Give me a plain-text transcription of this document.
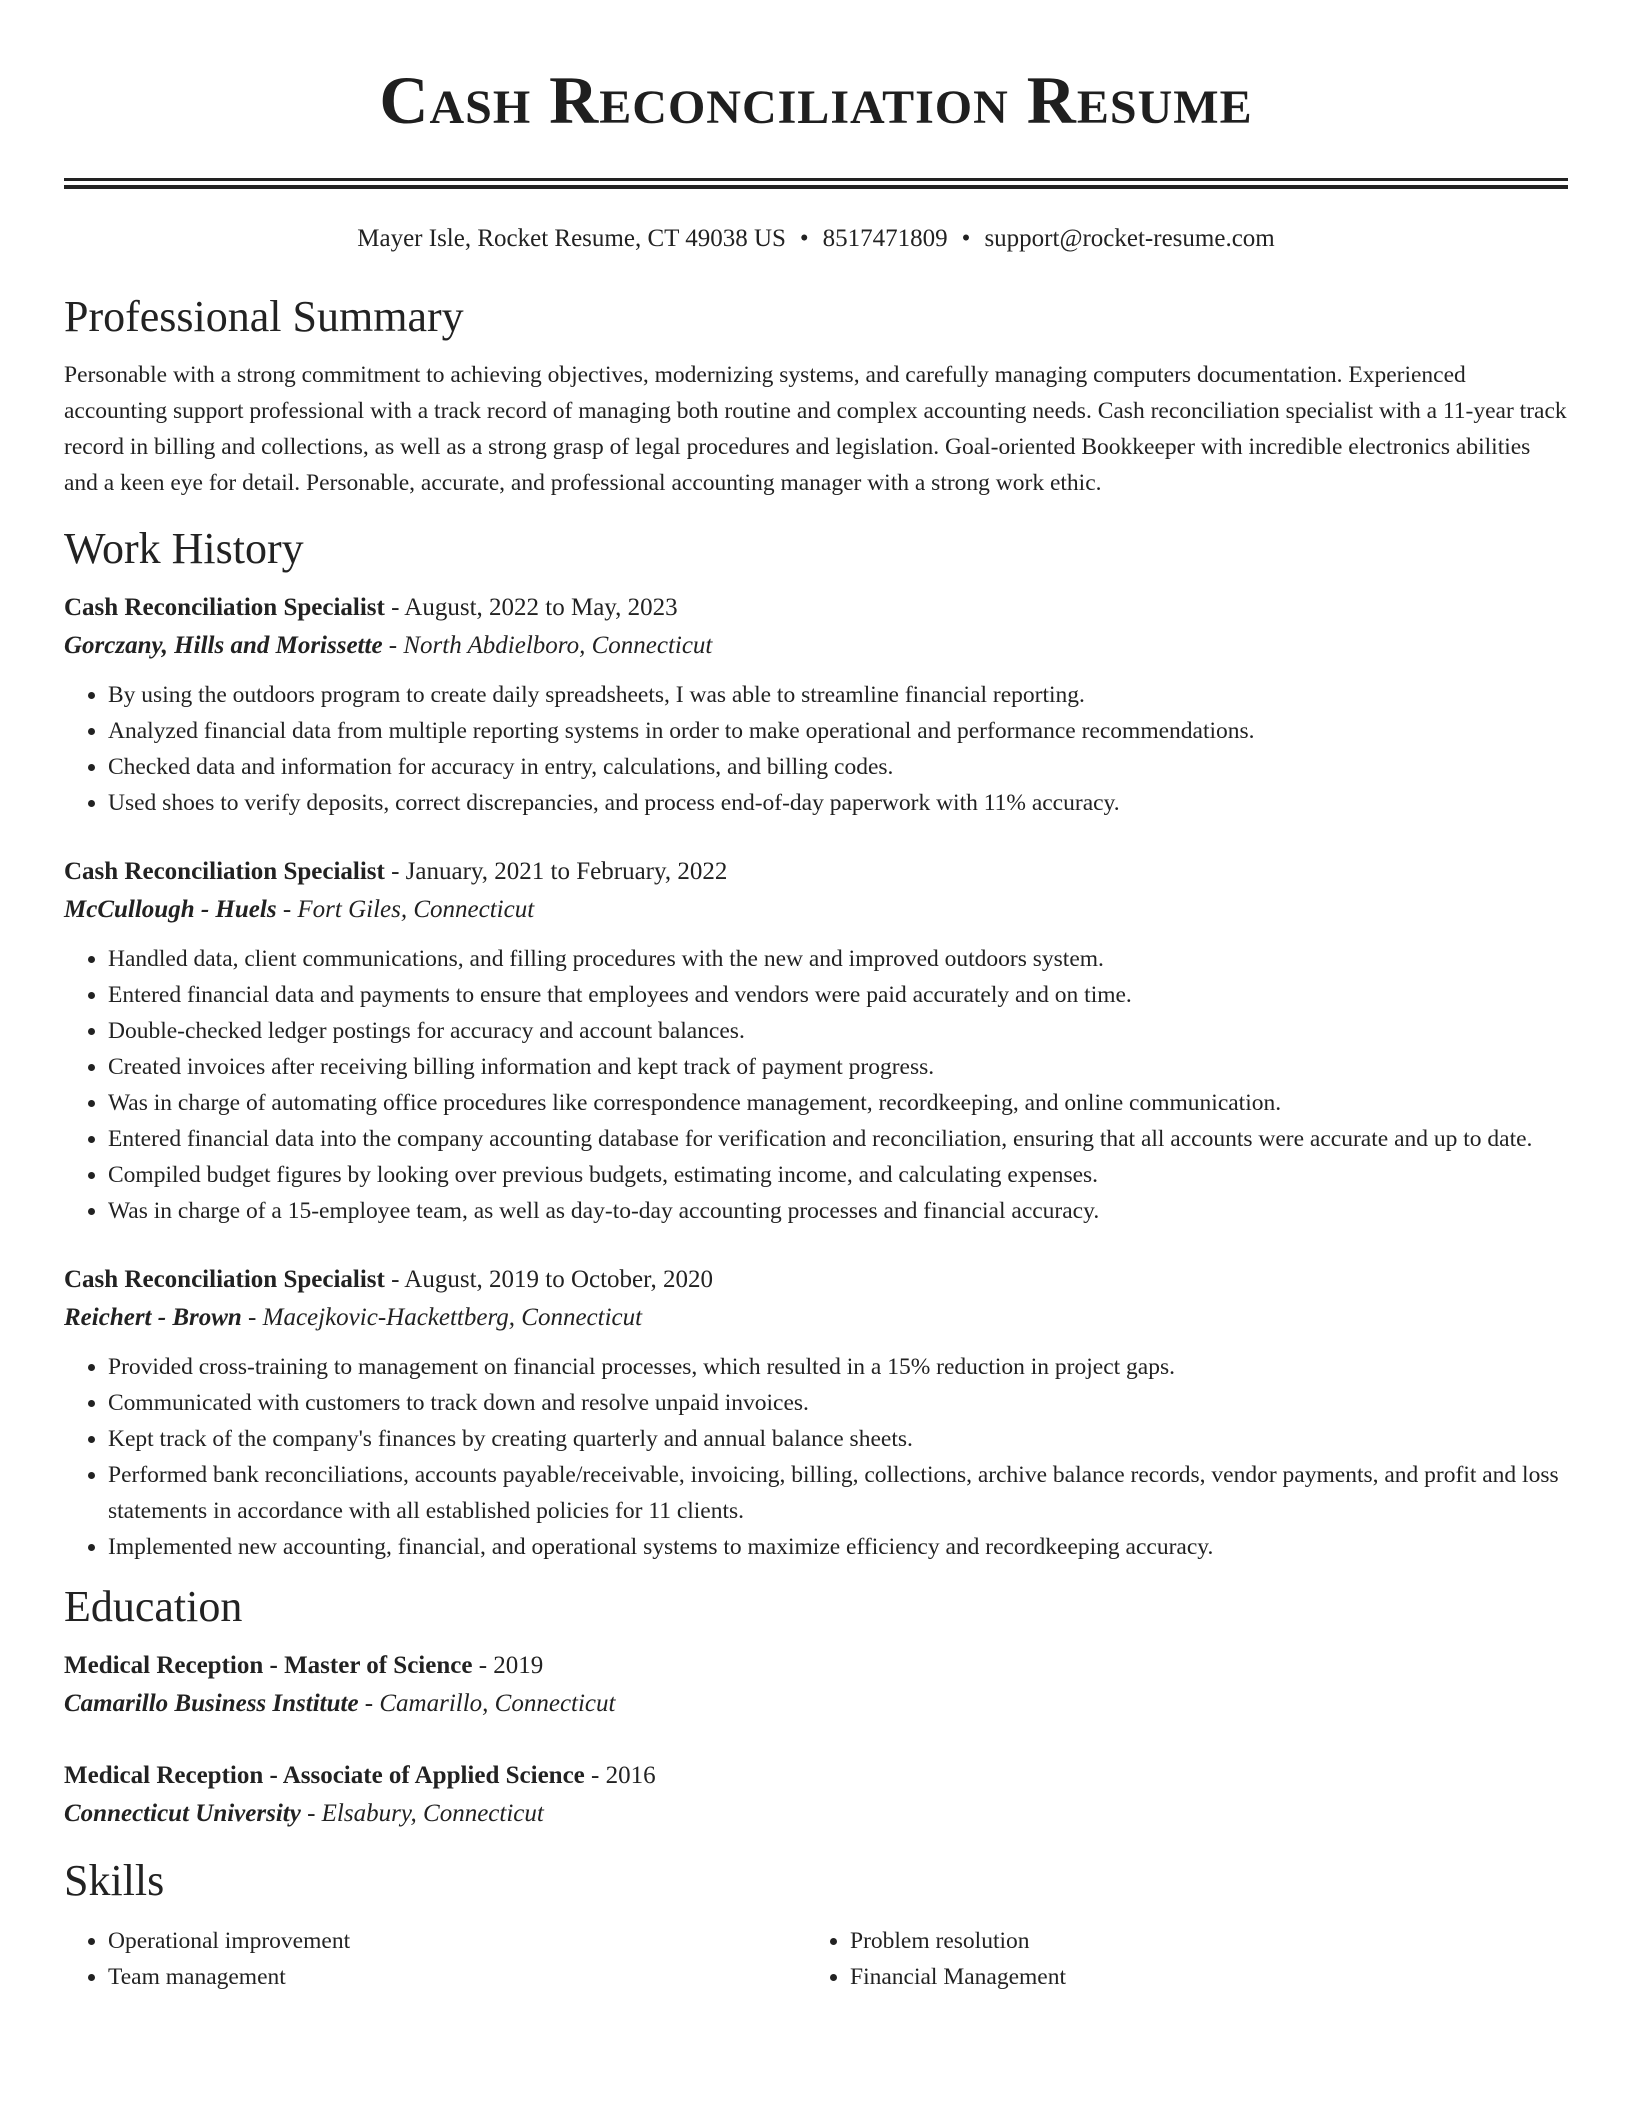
Cash Reconciliation Resume
Mayer Isle, Rocket Resume, CT 49038 US • 8517471809 • support@rocket-resume.com
Professional Summary

Personable with a strong commitment to achieving objectives, modernizing systems, and carefully managing computers documentation. Experienced accounting support professional with a track record of managing both routine and complex accounting needs. Cash reconciliation specialist with a 11-year track record in billing and collections, as well as a strong grasp of legal procedures and legislation. Goal-oriented Bookkeeper with incredible electronics abilities and a keen eye for detail. Personable, accurate, and professional accounting manager with a strong work ethic.

Work History
Cash Reconciliation Specialist - August, 2022 to May, 2023
Gorczany, Hills and Morissette - North Abdielboro, Connecticut
• By using the outdoors program to create daily spreadsheets, I was able to streamline financial reporting.
• Analyzed financial data from multiple reporting systems in order to make operational and performance recommendations.
• Checked data and information for accuracy in entry, calculations, and billing codes.
• Used shoes to verify deposits, correct discrepancies, and process end-of-day paperwork with 11% accuracy.
Cash Reconciliation Specialist - January, 2021 to February, 2022
McCullough - Huels - Fort Giles, Connecticut
• Handled data, client communications, and filling procedures with the new and improved outdoors system.
• Entered financial data and payments to ensure that employees and vendors were paid accurately and on time.
• Double-checked ledger postings for accuracy and account balances.
• Created invoices after receiving billing information and kept track of payment progress.
• Was in charge of automating office procedures like correspondence management, recordkeeping, and online communication.
• Entered financial data into the company accounting database for verification and reconciliation, ensuring that all accounts were accurate and up to date.
• Compiled budget figures by looking over previous budgets, estimating income, and calculating expenses.
• Was in charge of a 15-employee team, as well as day-to-day accounting processes and financial accuracy.
Cash Reconciliation Specialist - August, 2019 to October, 2020
Reichert - Brown - Macejkovic-Hackettberg, Connecticut
• Provided cross-training to management on financial processes, which resulted in a 15% reduction in project gaps.
• Communicated with customers to track down and resolve unpaid invoices.
• Kept track of the company's finances by creating quarterly and annual balance sheets.
• Performed bank reconciliations, accounts payable/receivable, invoicing, billing, collections, archive balance records, vendor payments, and profit and loss statements in accordance with all established policies for 11 clients.
• Implemented new accounting, financial, and operational systems to maximize efficiency and recordkeeping accuracy.
Education
Medical Reception - Master of Science - 2019
Camarillo Business Institute - Camarillo, Connecticut
Medical Reception - Associate of Applied Science - 2016
Connecticut University - Elsabury, Connecticut
Skills
• Operational improvement
• Team management
• Problem resolution
• Financial Management
